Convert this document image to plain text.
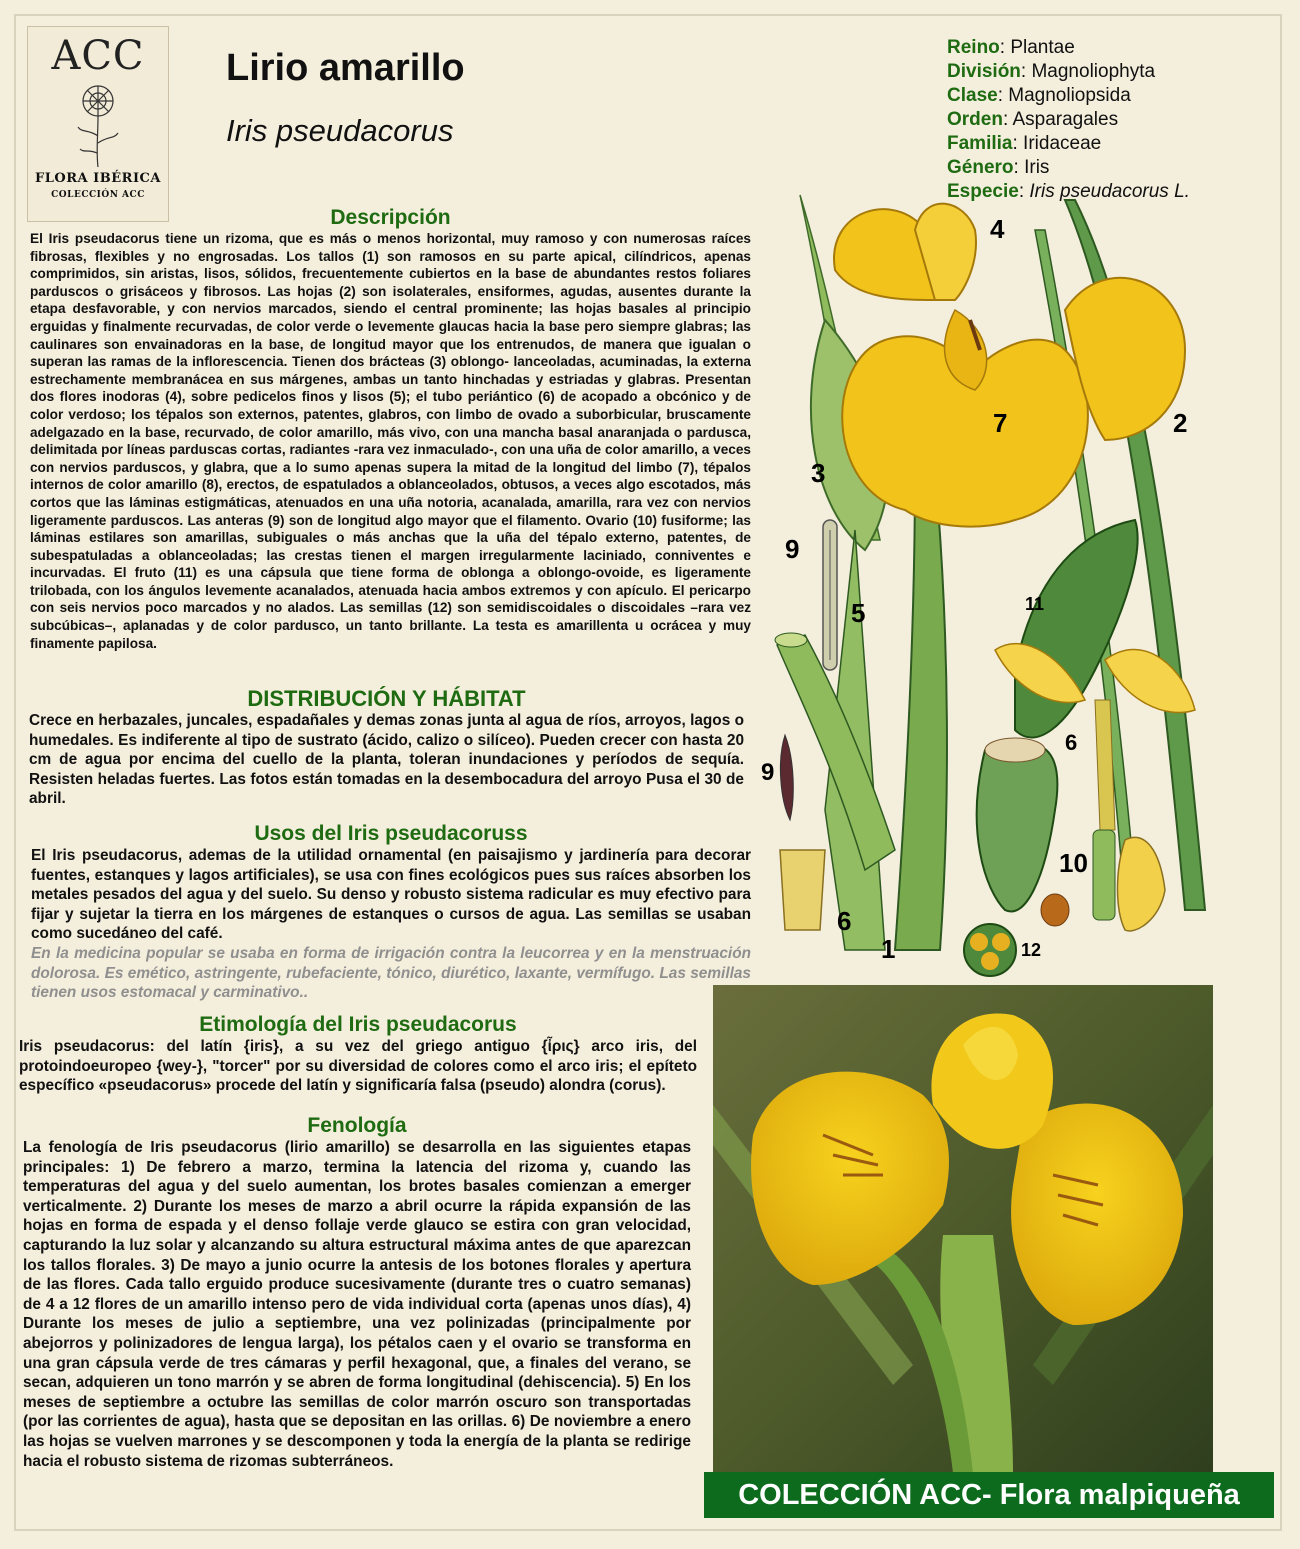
ACC
FLORA IBÉRICA
COLECCIÓN ACC
Lirio amarillo
Iris pseudacorus
Reino: Plantae
División: Magnoliophyta
Clase: Magnoliopsida
Orden: Asparagales
Familia: Iridaceae
Género: Iris
Especie: Iris pseudacorus L.
Descripción
El Iris pseudacorus tiene un rizoma, que es más o menos horizontal, muy ramoso y con numerosas raíces fibrosas, flexibles y no engrosadas. Los tallos (1) son ramosos en su parte apical, cilíndricos, apenas comprimidos, sin aristas, lisos, sólidos, frecuentemente cubiertos en la base de abundantes restos foliares parduscos o grisáceos y fibrosos. Las hojas (2) son isolaterales, ensiformes, agudas, ausentes durante la etapa desfavorable, y con nervios marcados, siendo el central prominente; las hojas basales al principio erguidas y finalmente recurvadas, de color verde o levemente glaucas hacia la base pero siempre glabras; las caulinares son envainadoras en la base, de longitud mayor que los entrenudos, de manera que igualan o superan las ramas de la inflorescencia. Tienen dos brácteas (3) oblongo- lanceoladas, acuminadas, la externa estrechamente membranácea en sus márgenes, ambas un tanto hinchadas y estriadas y glabras. Presentan dos flores inodoras (4), sobre pedicelos finos y lisos (5); el tubo periántico (6) de acopado a obcónico y de color verdoso; los tépalos son externos, patentes, glabros, con limbo de ovado a suborbicular, bruscamente adelgazado en la base, recurvado, de color amarillo, más vivo, con una mancha basal anaranjada o pardusca, delimitada por líneas parduscas cortas, radiantes -rara vez inmaculado-, con una uña de color amarillo, a veces con nervios parduscos, y glabra, que a lo sumo apenas supera la mitad de la longitud del limbo (7), tépalos internos de color amarillo (8), erectos, de espatulados a oblanceolados, obtusos, a veces algo escotados, más cortos que las láminas estigmáticas, atenuados en una uña notoria, acanalada, amarilla, rara vez con nervios ligeramente parduscos. Las anteras (9) son de longitud algo mayor que el filamento. Ovario (10) fusiforme; las láminas estilares son amarillas, subiguales o más anchas que la uña del tépalo externo, patentes, de subespatuladas a oblanceoladas; las crestas tienen el margen irregularmente laciniado, conniventes e incurvadas. El fruto (11) es una cápsula que tiene forma de oblonga a oblongo-ovoide, es ligeramente trilobada, con los ángulos levemente acanalados, atenuada hacia ambos extremos y con apículo. El pericarpo con seis nervios poco marcados y no alados. Las semillas (12) son semidiscoidales o discoidales –rara vez subcúbicas–, aplanadas y de color pardusco, un tanto brillante. La testa es amarillenta u ocrácea y muy finamente papilosa.
DISTRIBUCIÓN Y HÁBITAT
Crece en herbazales, juncales, espadañales y demas zonas junta al agua de ríos, arroyos, lagos o humedales. Es indiferente al tipo de sustrato (ácido, calizo o silíceo). Pueden crecer con hasta 20 cm de agua por encima del cuello de la planta, toleran inundaciones y períodos de sequía. Resisten heladas fuertes. Las fotos están tomadas en la desembocadura del arroyo Pusa el 30 de abril.
Usos del Iris pseudacoruss
El Iris pseudacorus, ademas de la utilidad ornamental (en paisajismo y jardinería para decorar fuentes, estanques y lagos artificiales), se usa con fines ecológicos pues sus raíces absorben los metales pesados del agua y del suelo. Su denso y robusto sistema radicular es muy efectivo para fijar y sujetar la tierra en los márgenes de estanques o cursos de agua. Las semillas se usaban como sucedáneo del café.
En la medicina popular se usaba en forma de irrigación contra la leucorrea y en la menstruación dolorosa. Es emético, astringente, rubefaciente, tónico, diurético, laxante, vermífugo. Las semillas tienen usos estomacal y carminativo..
Etimología del Iris pseudacorus
Iris pseudacorus: del latín {iris}, a su vez del griego antiguo {ἶρις} arco iris, del protoindoeuropeo {wey-}, "torcer" por su diversidad de colores como el arco iris; el epíteto específico «pseudacorus» procede del latín y significaría falsa (pseudo) alondra (corus).
Fenología
La fenología de Iris pseudacorus (lirio amarillo) se desarrolla en las siguientes etapas principales: 1) De febrero a marzo, termina la latencia del rizoma y, cuando las temperaturas del agua y del suelo aumentan, los brotes basales comienzan a emerger verticalmente. 2) Durante los meses de marzo a abril ocurre la rápida expansión de las hojas en forma de espada y el denso follaje verde glauco se estira con gran velocidad, capturando la luz solar y alcanzando su altura estructural máxima antes de que aparezcan los tallos florales. 3) De mayo a junio ocurre la antesis de los botones florales y apertura de las flores. Cada tallo erguido produce sucesivamente (durante tres o cuatro semanas) de 4 a 12 flores de un amarillo intenso pero de vida individual corta (apenas unos días), 4) Durante los meses de julio a septiembre, una vez polinizadas (principalmente por abejorros y polinizadores de lengua larga), los pétalos caen y el ovario se transforma en una gran cápsula verde de tres cámaras y perfil hexagonal, que, a finales del verano, se secan, adquieren un tono marrón y se abren de forma longitudinal (dehiscencia). 5) En los meses de septiembre a octubre las semillas de color marrón oscuro son transportadas (por las corrientes de agua), hasta que se depositan en las orillas. 6) De noviembre a enero las hojas se vuelven marrones y se descomponen y toda la energía de la planta se redirige hacia el robusto sistema de rizomas subterráneos.
4
7	2
3
9
5	11
6
9
10
6
1	12
COLECCIÓN ACC- Flora malpiqueña
